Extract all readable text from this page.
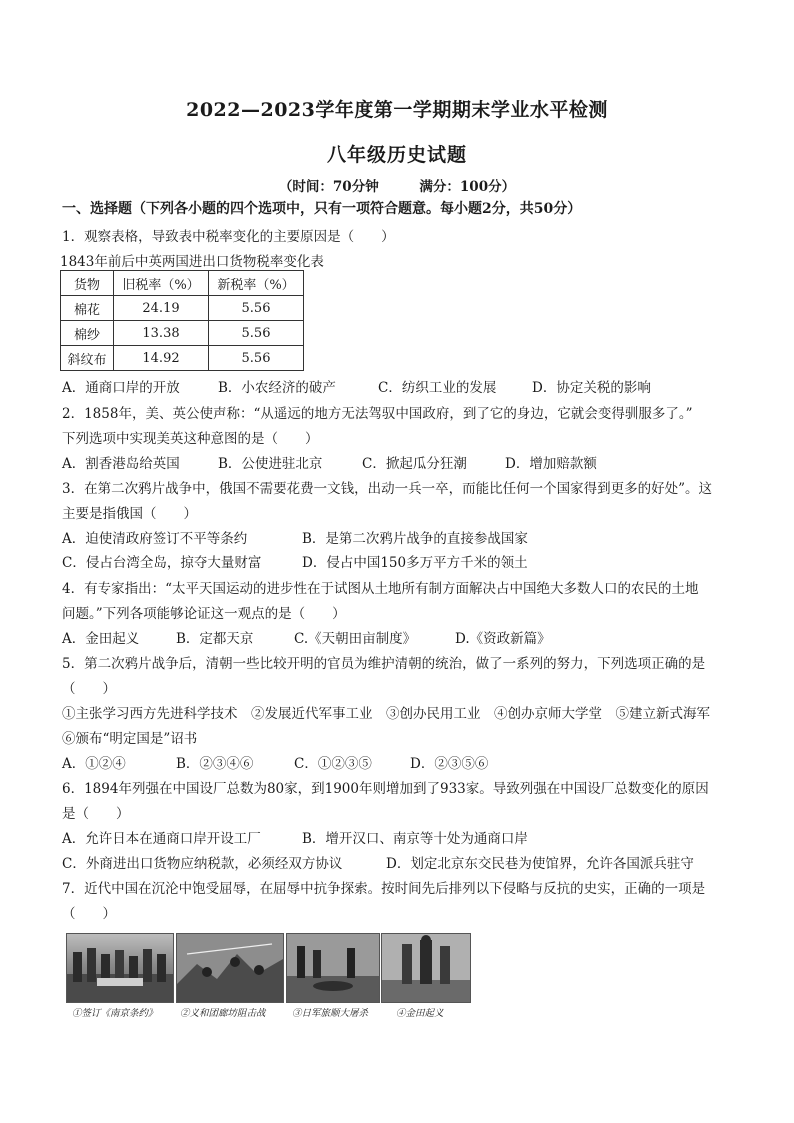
2022—2023学年度第一学期期末学业水平检测
八年级历史试题
（时间：70分钟	满分：100分）
一、选择题（下列各小题的四个选项中，只有一项符合题意。每小题2分，共50分）
1．观察表格，导致表中税率变化的主要原因是（　　）
1843年前后中英两国进出口货物税率变化表
货物	旧税率（%）	新税率（%）
棉花	24.19	5.56
棉纱	13.38	5.56
斜纹布	14.92	5.56
A．通商口岸的开放	B．小农经济的破产	C．纺织工业的发展	D．协定关税的影响
2．1858年，美、英公使声称：“从遥远的地方无法驾驭中国政府，到了它的身边，它就会变得驯服多了。”
下列选项中实现美英这种意图的是（　　）
A．割香港岛给英国	B．公使进驻北京	C．掀起瓜分狂潮	D．增加赔款额
3．在第二次鸦片战争中，俄国不需要花费一文钱，出动一兵一卒，而能比任何一个国家得到更多的好处”。这
主要是指俄国（　　）
A．迫使清政府签订不平等条约	B．是第二次鸦片战争的直接参战国家
C．侵占台湾全岛，掠夺大量财富	D．侵占中国150多万平方千米的领土
4．有专家指出：“太平天国运动的进步性在于试图从土地所有制方面解决占中国绝大多数人口的农民的土地
问题。”下列各项能够论证这一观点的是（　　）
A．金田起义	B．定都天京	C.《天朝田亩制度》	D.《资政新篇》
5．第二次鸦片战争后，清朝一些比较开明的官员为维护清朝的统治，做了一系列的努力，下列选项正确的是
（　　）
①主张学习西方先进科学技术　②发展近代军事工业　③创办民用工业　④创办京师大学堂　⑤建立新式海军
⑥颁布“明定国是”诏书
A．①②④	B．②③④⑥	C．①②③⑤	D．②③⑤⑥
6．1894年列强在中国设厂总数为80家，到1900年则增加到了933家。导致列强在中国设厂总数变化的原因
是（　　）
A．允许日本在通商口岸开设工厂	B．增开汉口、南京等十处为通商口岸
C．外商进出口货物应纳税款，必须经双方协议	D．划定北京东交民巷为使馆界，允许各国派兵驻守
7．近代中国在沉沦中饱受屈辱，在屈辱中抗争探索。按时间先后排列以下侵略与反抗的史实，正确的一项是
（　　）
①签订《南京条约》 ②义和团廊坊阻击战	③日军旅顺大屠杀	④金田起义
